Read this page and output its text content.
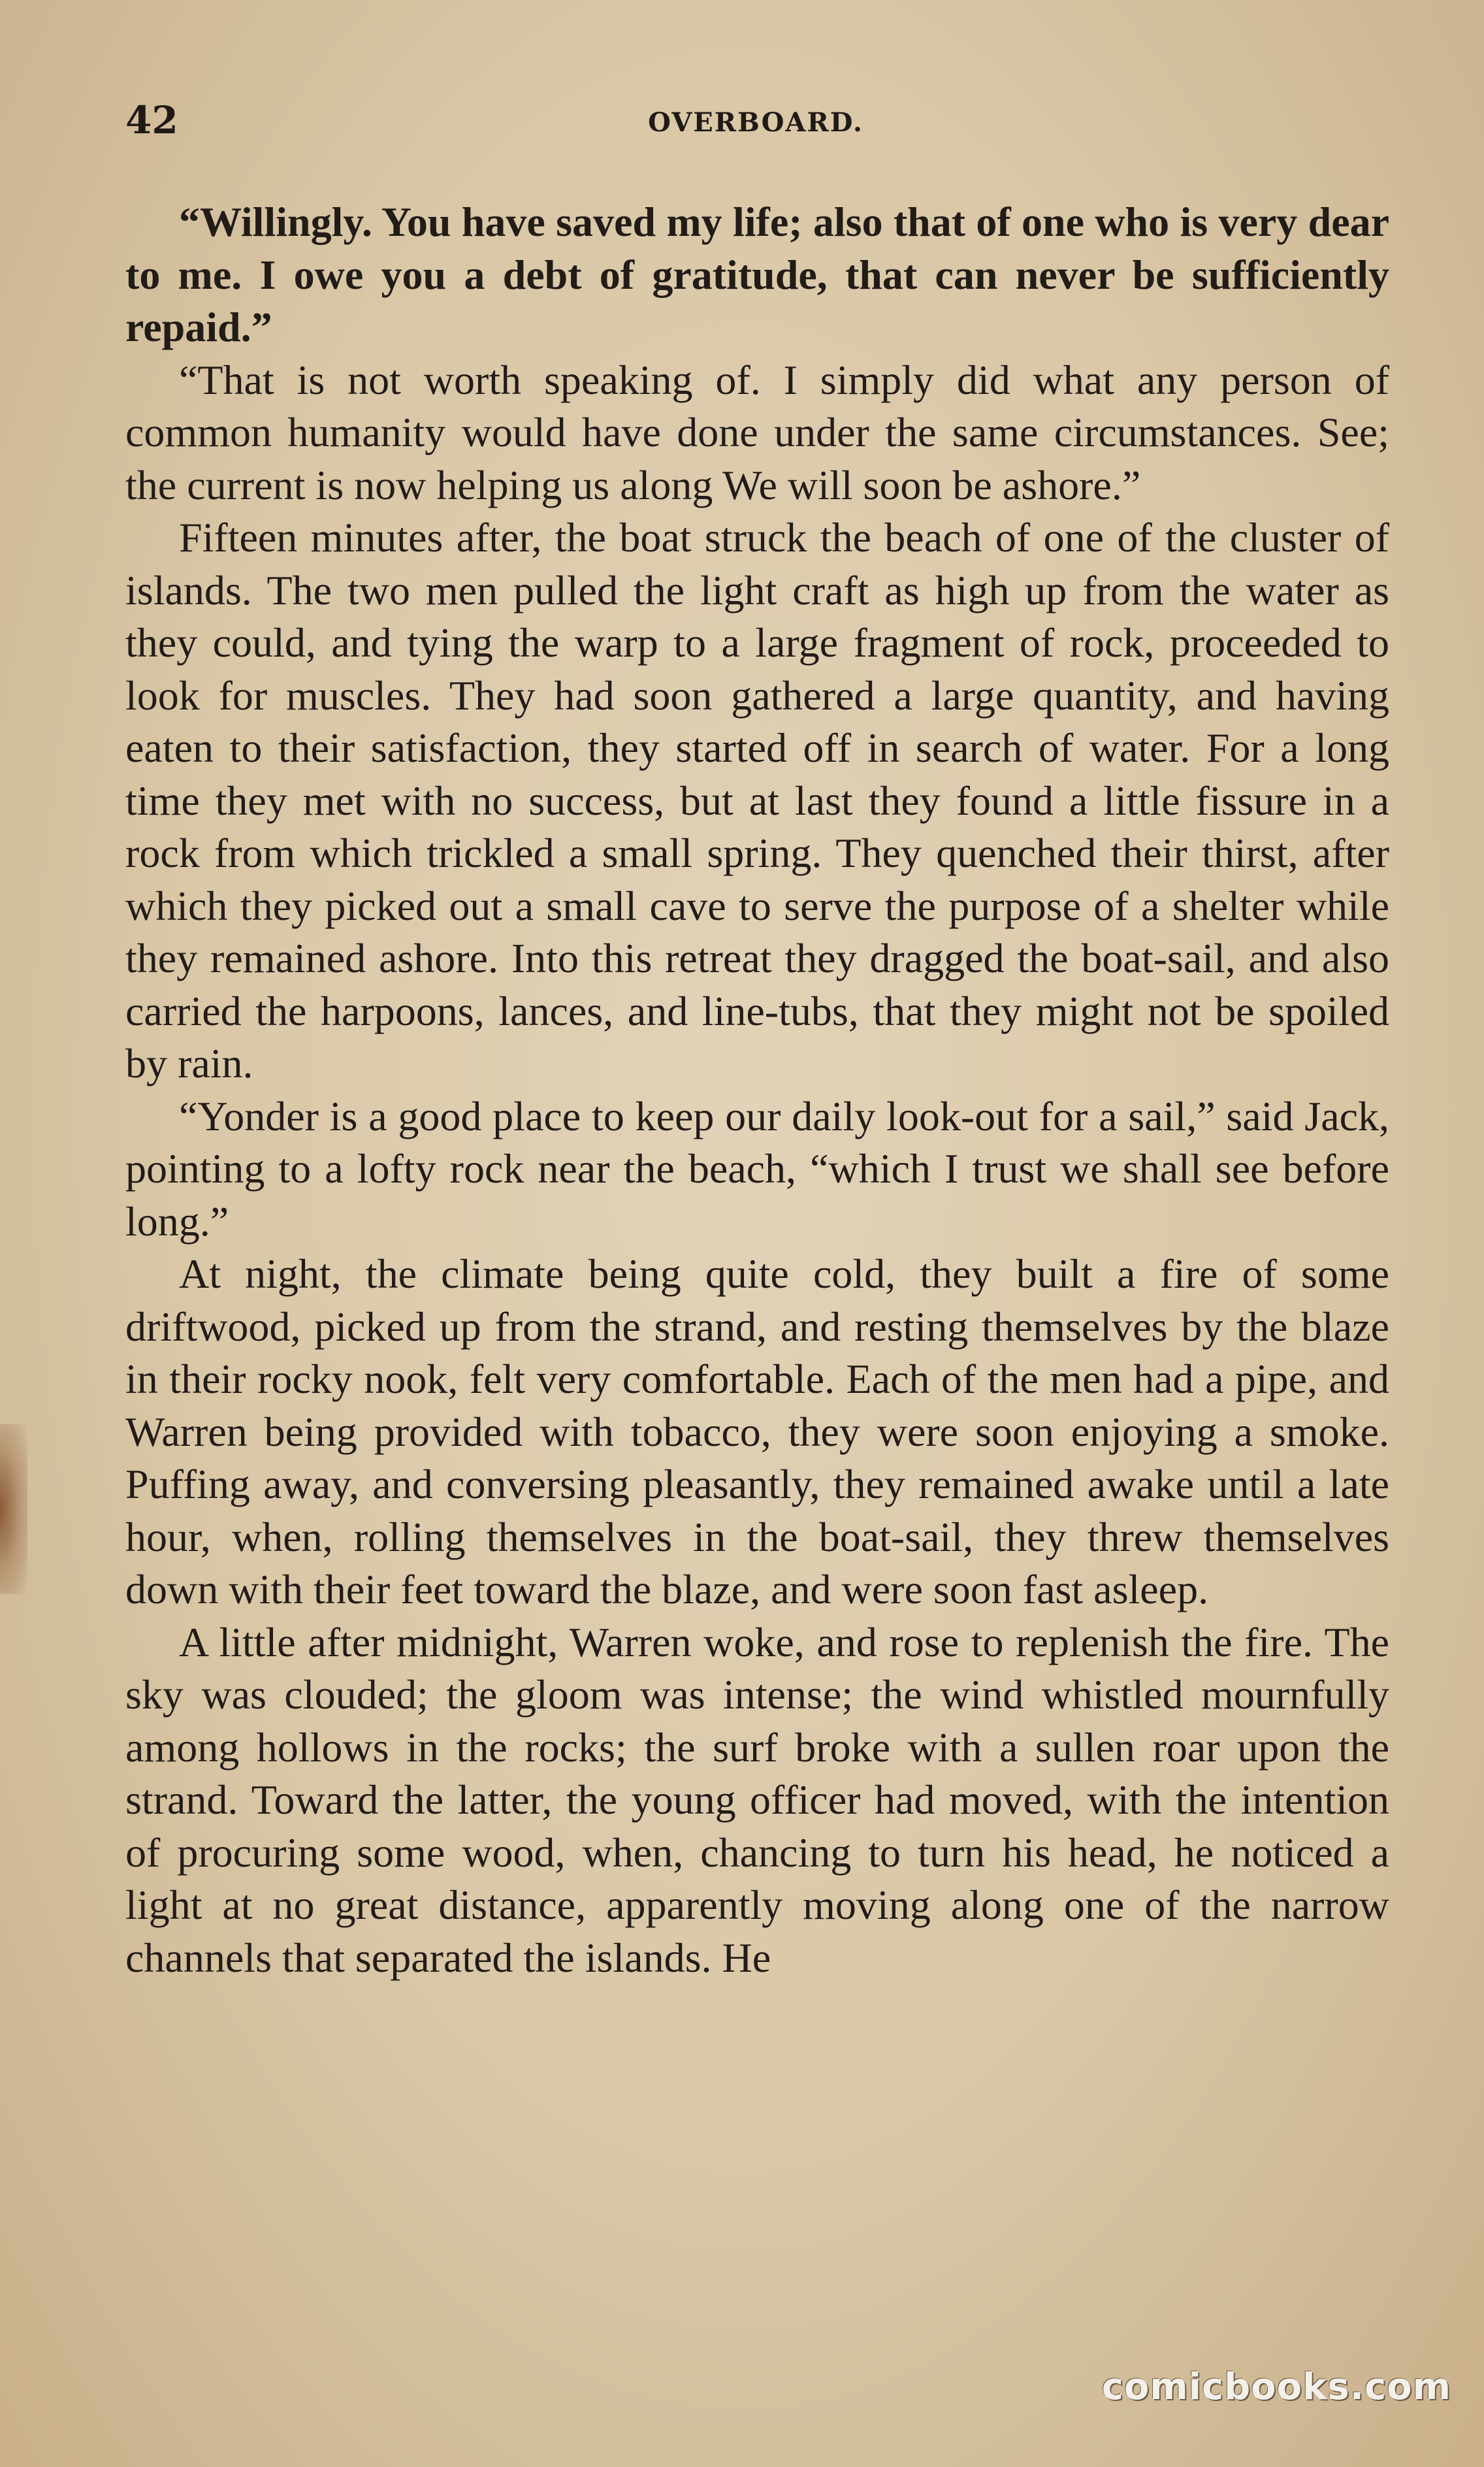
42	OVERBOARD.

“Willingly. You have saved my life; also that of one who is very dear to me. I owe you a debt of gratitude, that can never be sufficiently repaid.”

“That is not worth speaking of. I simply did what any person of common humanity would have done under the same circumstances. See; the current is now helping us along We will soon be ashore.”

Fifteen minutes after, the boat struck the beach of one of the cluster of islands. The two men pulled the light craft as high up from the water as they could, and tying the warp to a large fragment of rock, proceeded to look for muscles. They had soon gathered a large quantity, and having eaten to their satisfaction, they started off in search of water. For a long time they met with no success, but at last they found a little fissure in a rock from which trickled a small spring. They quenched their thirst, after which they picked out a small cave to serve the purpose of a shelter while they remained ashore. Into this retreat they dragged the boat-sail, and also carried the harpoons, lances, and line-tubs, that they might not be spoiled by rain.

“Yonder is a good place to keep our daily look-out for a sail,” said Jack, pointing to a lofty rock near the beach, “which I trust we shall see before long.”

At night, the climate being quite cold, they built a fire of some driftwood, picked up from the strand, and resting themselves by the blaze in their rocky nook, felt very comfortable. Each of the men had a pipe, and Warren being provided with tobacco, they were soon enjoying a smoke. Puffing away, and conversing pleasantly, they remained awake until a late hour, when, rolling themselves in the boat-sail, they threw themselves down with their feet toward the blaze, and were soon fast asleep.

A little after midnight, Warren woke, and rose to replenish the fire. The sky was clouded; the gloom was intense; the wind whistled mournfully among hollows in the rocks; the surf broke with a sullen roar upon the strand. Toward the latter, the young officer had moved, with the intention of procuring some wood, when, chancing to turn his head, he noticed a light at no great distance, apparently moving along one of the narrow channels that separated the islands. He

comicbooks.com
